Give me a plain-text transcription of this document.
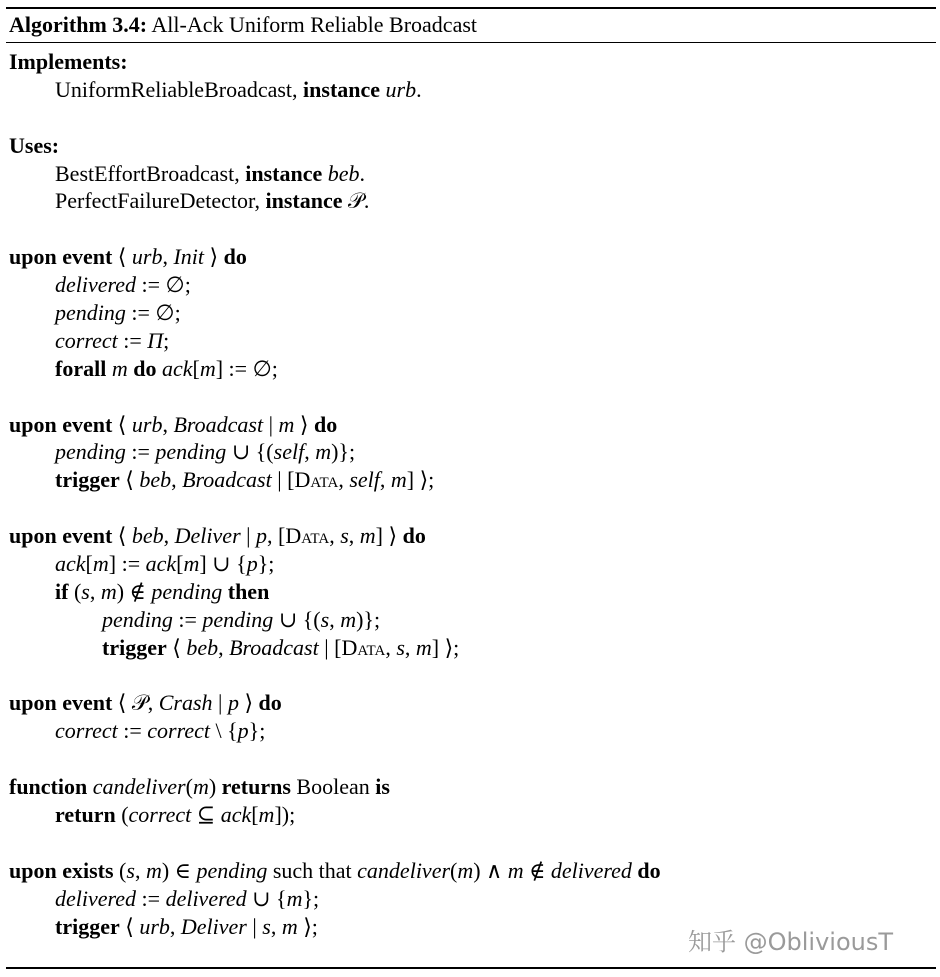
Algorithm 3.4: All-Ack Uniform Reliable Broadcast
Implements:
UniformReliableBroadcast, instance urb.
Uses:
BestEffortBroadcast, instance beb.
PerfectFailureDetector, instance 𝒫.
upon event ⟨ urb, Init ⟩ do
delivered := ∅;
pending := ∅;
correct := Π;
forall m do ack[m] := ∅;
upon event ⟨ urb, Broadcast | m ⟩ do
pending := pending ∪ {(self, m)};
trigger ⟨ beb, Broadcast | [Data, self, m] ⟩;
upon event ⟨ beb, Deliver | p, [Data, s, m] ⟩ do
ack[m] := ack[m] ∪ {p};
if (s, m) ∉ pending then
pending := pending ∪ {(s, m)};
trigger ⟨ beb, Broadcast | [Data, s, m] ⟩;
upon event ⟨ 𝒫, Crash | p ⟩ do
correct := correct \ {p};
function candeliver(m) returns Boolean is
return (correct ⊆ ack[m]);
upon exists (s, m) ∈ pending such that candeliver(m) ∧ m ∉ delivered do
delivered := delivered ∪ {m};
trigger ⟨ urb, Deliver | s, m ⟩;
知乎 @ObliviousT
